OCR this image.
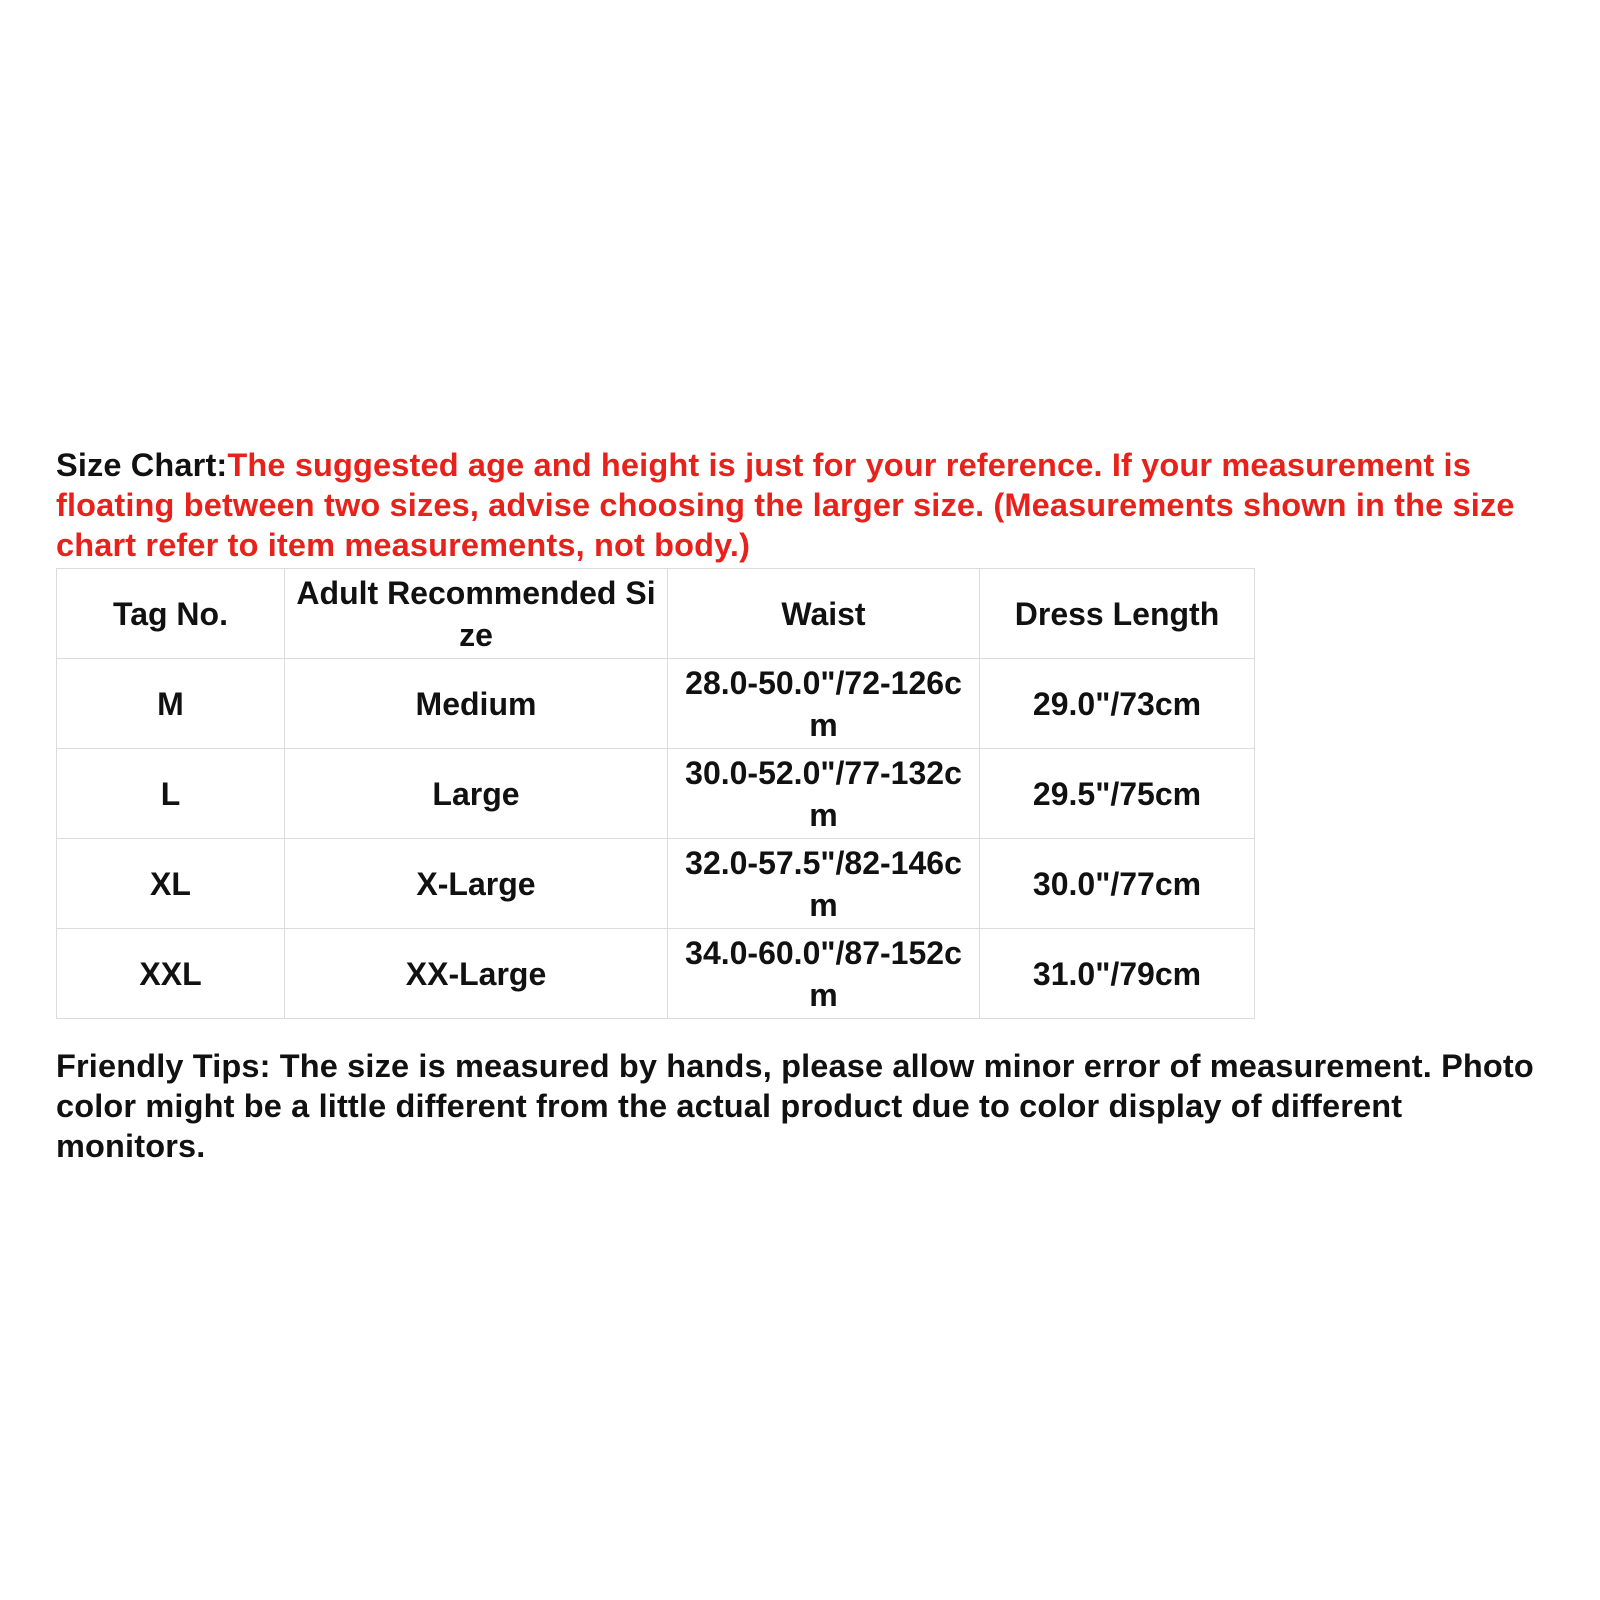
Size Chart:The suggested age and height is just for your reference. If your measurement is floating between two sizes, advise choosing the larger size. (Measurements shown in the size chart refer to item measurements, not body.)

Tag No.	Adult Recommended Size	Waist	Dress Length
M	Medium	28.0-50.0"/72-126cm	29.0"/73cm
L	Large	30.0-52.0"/77-132cm	29.5"/75cm
XL	X-Large	32.0-57.5"/82-146cm	30.0"/77cm
XXL	XX-Large	34.0-60.0"/87-152cm	31.0"/79cm

Friendly Tips: The size is measured by hands, please allow minor error of measurement. Photo color might be a little different from the actual product due to color display of different monitors.
